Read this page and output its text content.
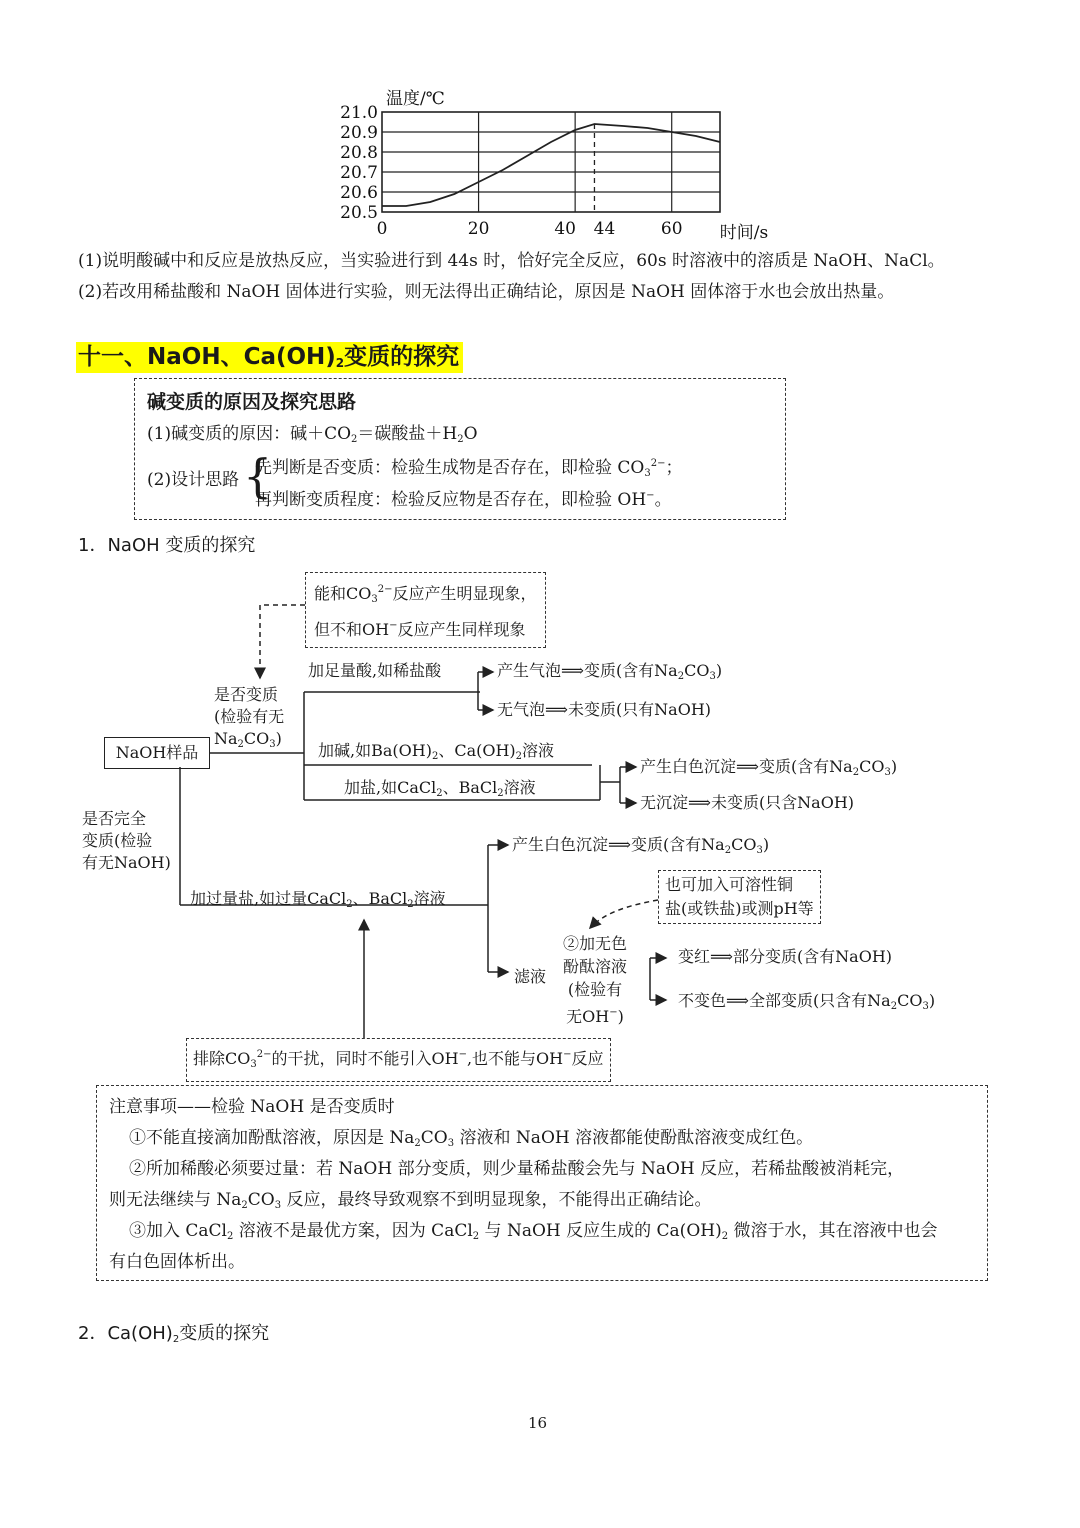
21.0
20.9
20.8
20.7
20.6
20.5
0	20	40 44	60
温度/℃
时间/s
(1)说明酸碱中和反应是放热反应，当实验进行到 44s 时，恰好完全反应，60s 时溶液中的溶质是 NaOH、NaCl。
(2)若改用稀盐酸和 NaOH 固体进行实验，则无法得出正确结论，原因是 NaOH 固体溶于水也会放出热量。
十一、NaOH、$Ca(OH)_2$变质的探究
碱变质的原因及探究思路
(1)碱变质的原因：碱$+CO_2=$碳酸盐$+H_2O$
(2)设计思路 {
先判断是否变质：检验生成物是否存在，即检验 $CO_3^{2-}$；
再判断变质程度：检验反应物是否存在，即检验 OH−。
1．NaOH 变质的探究
能和$CO_3^{2-}$反应产生明显现象，
但不和OH−反应产生同样现象
是否变质
(检验有无
$Na_2CO_3$)
NaOH样品
加足量酸,如稀盐酸	产生气泡⟹变质(含有$Na_2CO_3$)
无气泡⟹未变质(只有NaOH)
加碱,如$Ba(OH)_2$、$Ca(OH)_2$溶液
加盐,如CaCl$_2$、BaCl$_2$溶液
产生白色沉淀⟹变质(含有$Na_2CO_3$)
无沉淀⟹未变质(只含NaOH)
是否完全
变质(检验
有无NaOH)
加过量盐,如过量CaCl$_2$、BaCl$_2$溶液
产生白色沉淀⟹变质(含有$Na_2CO_3$)
也可加入可溶性铜
盐(或铁盐)或测pH等
滤液
②加无色
酚酞溶液
(检验有
无OH−)
变红⟹部分变质(含有NaOH)
不变色⟹全部变质(只含有$Na_2CO_3$)
排除$CO_3^{2-}$的干扰，同时不能引入OH−,也不能与OH−反应
注意事项——检验 NaOH 是否变质时
①不能直接滴加酚酞溶液，原因是 $Na_2CO_3$ 溶液和 NaOH 溶液都能使酚酞溶液变成红色。
②所加稀酸必须要过量：若 NaOH 部分变质，则少量稀盐酸会先与 NaOH 反应，若稀盐酸被消耗完，
则无法继续与 $Na_2CO_3$ 反应，最终导致观察不到明显现象，不能得出正确结论。
③加入 CaCl$_2$ 溶液不是最优方案，因为 CaCl$_2$ 与 NaOH 反应生成的 $Ca(OH)_2$ 微溶于水，其在溶液中也会
有白色固体析出。
2．$Ca(OH)_2$变质的探究
16
